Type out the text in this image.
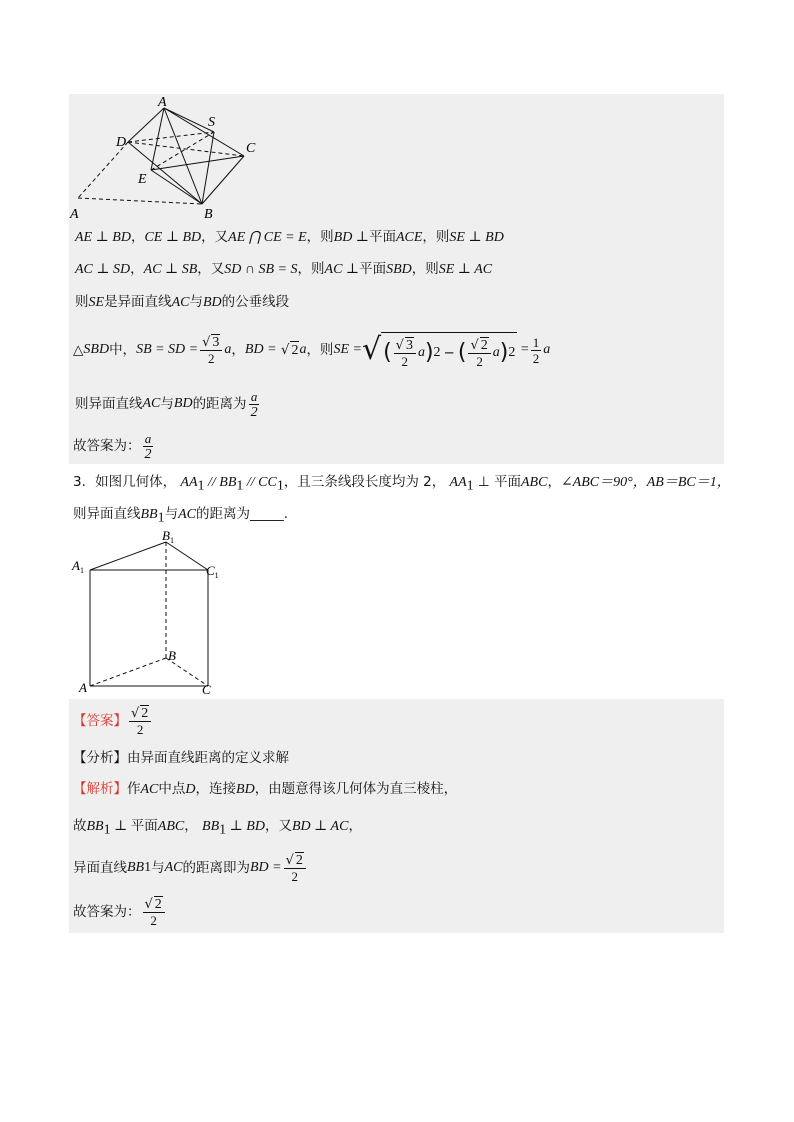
A
S
D	C
E
A	B
AE ⊥ BD，CE ⊥ BD，又AE ⋂ CE = E，则BD ⊥平面ACE，则SE ⊥ BD
AC ⊥ SD，AC ⊥ SB，又SD ∩ SB = S，则AC ⊥平面SBD，则SE ⊥ AC
则SE是异面直线AC与BD的公垂线段
△ SBD 中， SB = SD = $\frac{√ 3}{2}$ a ， BD =
√ 2 a ，则 SE = √ ( $\frac{√ 3}{2}$ a ) 2 − ( $\frac{√ 2}{2}$ a ) $2 = \frac{1}{2}$ a
则异面直线 AC 与 BD 的距离为 $\frac{a}{2}$
故答案为： $\frac{a}{2}$
3．如图几何体， $AA_1 // BB_1 // CC_1$，且三条线段长度均为 2， $AA_1$ ⊥ 平面ABC，∠ABC＝90°，AB＝BC＝1，
则异面直线$BB_1$与AC的距离为_____.
$B_1$
$A_1$	$C_1$
B
A	C
【答案】 $\frac{√ 2}{2}$
【分析】由异面直线距离的定义求解
【解析】作AC中点D，连接BD，由题意得该几何体为直三棱柱，
故$BB_1$ ⊥ 平面ABC， $BB_1$ ⊥ BD，又BD ⊥ AC，
异面直线 BB 1 与 AC 的距离即为 BD = $\frac{√ 2}{2}$
故答案为： $\frac{√ 2}{2}$
